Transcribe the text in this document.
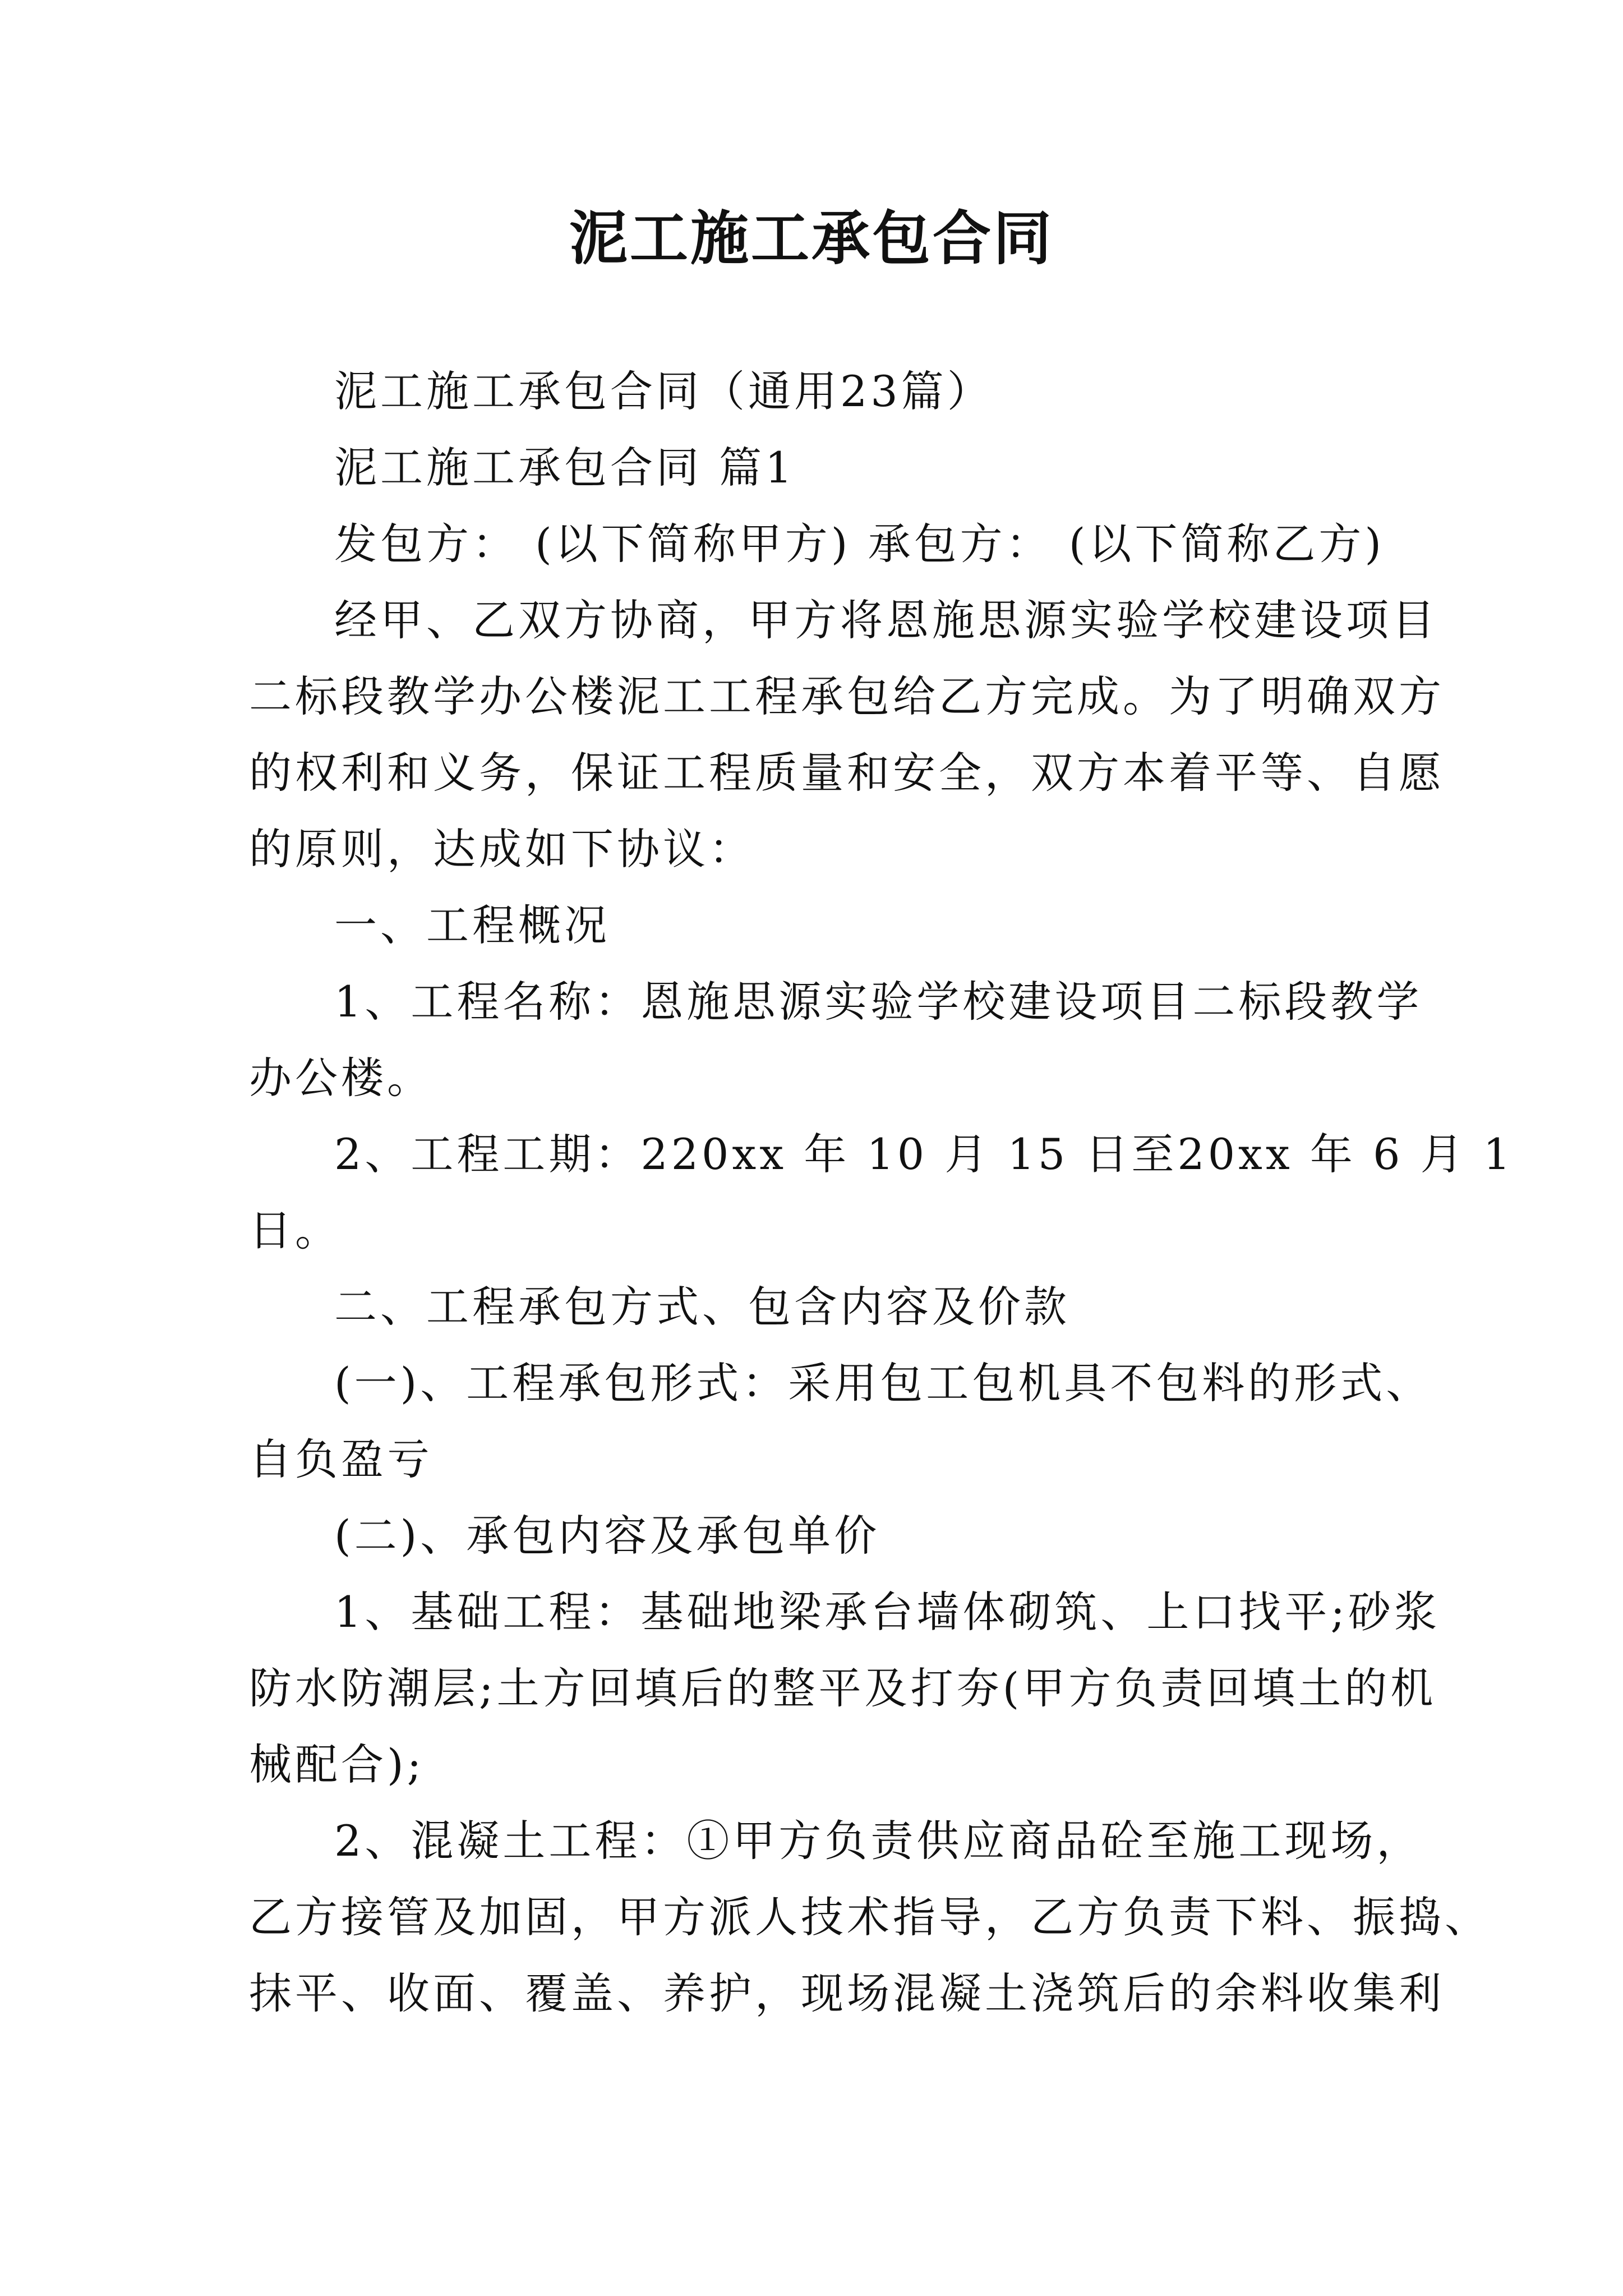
泥工施工承包合同
泥工施工承包合同（通用23篇）
泥工施工承包合同 篇1
发包方： (以下简称甲方) 承包方： (以下简称乙方)
经甲、乙双方协商，甲方将恩施思源实验学校建设项目
二标段教学办公楼泥工工程承包给乙方完成。为了明确双方
的权利和义务，保证工程质量和安全，双方本着平等、自愿
的原则，达成如下协议：
一、工程概况
1、工程名称：恩施思源实验学校建设项目二标段教学
办公楼。
2、工程工期：220xx 年 10 月 15 日至20xx 年 6 月 1
日。
二、工程承包方式、包含内容及价款
(一)、工程承包形式：采用包工包机具不包料的形式、
自负盈亏
(二)、承包内容及承包单价
1、基础工程：基础地梁承台墙体砌筑、上口找平;砂浆
防水防潮层;土方回填后的整平及打夯(甲方负责回填土的机
械配合);
2、混凝土工程：①甲方负责供应商品砼至施工现场，
乙方接管及加固，甲方派人技术指导，乙方负责下料、振捣、
抹平、收面、覆盖、养护，现场混凝土浇筑后的余料收集利
